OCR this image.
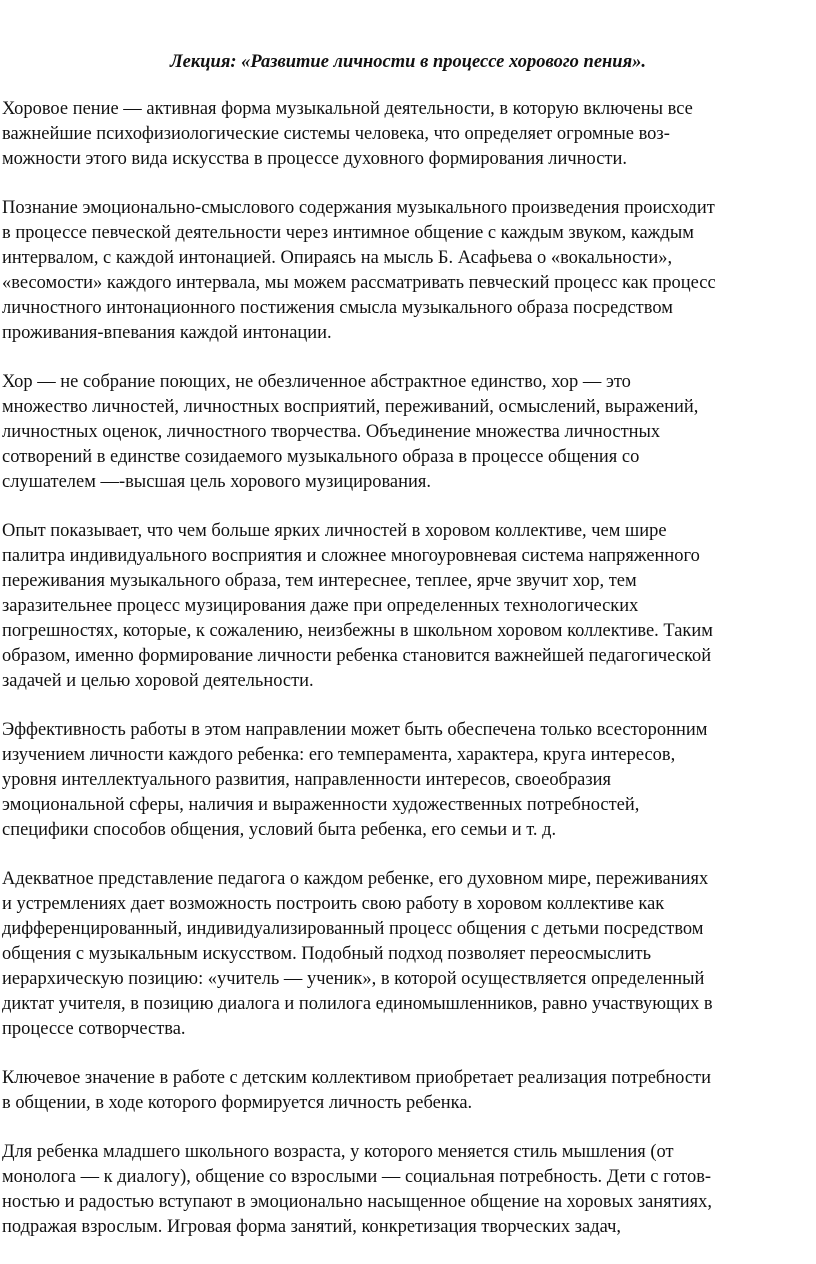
Лекция: «Развитие личности в процессе хорового пения».

Хоровое пение — активная форма музыкальной деятельности, в которую включены все
важнейшие психофизиологические системы человека, что определяет огромные воз-
можности этого вида искусства в процессе духовного формирования личности.

Познание эмоционально-смыслового содержания музыкального произведения происходит
в процессе певческой деятельности через интимное общение с каждым звуком, каждым
интервалом, с каждой интонацией. Опираясь на мысль Б. Асафьева о «вокальности»,
«весомости» каждого интервала, мы можем рассматривать певческий процесс как процесс
личностного интонационного постижения смысла музыкального образа посредством
проживания-впевания каждой интонации.

Хор — не собрание поющих, не обезличенное абстрактное единство, хор — это
множество личностей, личностных восприятий, переживаний, осмыслений, выражений,
личностных оценок, личностного творчества. Объединение множества личностных
сотворений в единстве созидаемого музыкального образа в процессе общения со
слушателем —-высшая цель хорового музицирования.

Опыт показывает, что чем больше ярких личностей в хоровом коллективе, чем шире
палитра индивидуального восприятия и сложнее многоуровневая система напряженного
переживания музыкального образа, тем интереснее, теплее, ярче звучит хор, тем
заразительнее процесс музицирования даже при определенных технологических
погрешностях, которые, к сожалению, неизбежны в школьном хоровом коллективе. Таким
образом, именно формирование личности ребенка становится важнейшей педагогической
задачей и целью хоровой деятельности.

Эффективность работы в этом направлении может быть обеспечена только всесторонним
изучением личности каждого ребенка: его темперамента, характера, круга интересов,
уровня интеллектуального развития, направленности интересов, своеобразия
эмоциональной сферы, наличия и выраженности художественных потребностей,
специфики способов общения, условий быта ребенка, его семьи и т. д.

Адекватное представление педагога о каждом ребенке, его духовном мире, переживаниях
и устремлениях дает возможность построить свою работу в хоровом коллективе как
дифференцированный, индивидуализированный процесс общения с детьми посредством
общения с музыкальным искусством. Подобный подход позволяет переосмыслить
иерархическую позицию: «учитель — ученик», в которой осуществляется определенный
диктат учителя, в позицию диалога и полилога единомышленников, равно участвующих в
процессе сотворчества.

Ключевое значение в работе с детским коллективом приобретает реализация потребности
в общении, в ходе которого формируется личность ребенка.

Для ребенка младшего школьного возраста, у которого меняется стиль мышления (от
монолога — к диалогу), общение со взрослыми — социальная потребность. Дети с готов-
ностью и радостью вступают в эмоционально насыщенное общение на хоровых занятиях,
подражая взрослым. Игровая форма занятий, конкретизация творческих задач,
